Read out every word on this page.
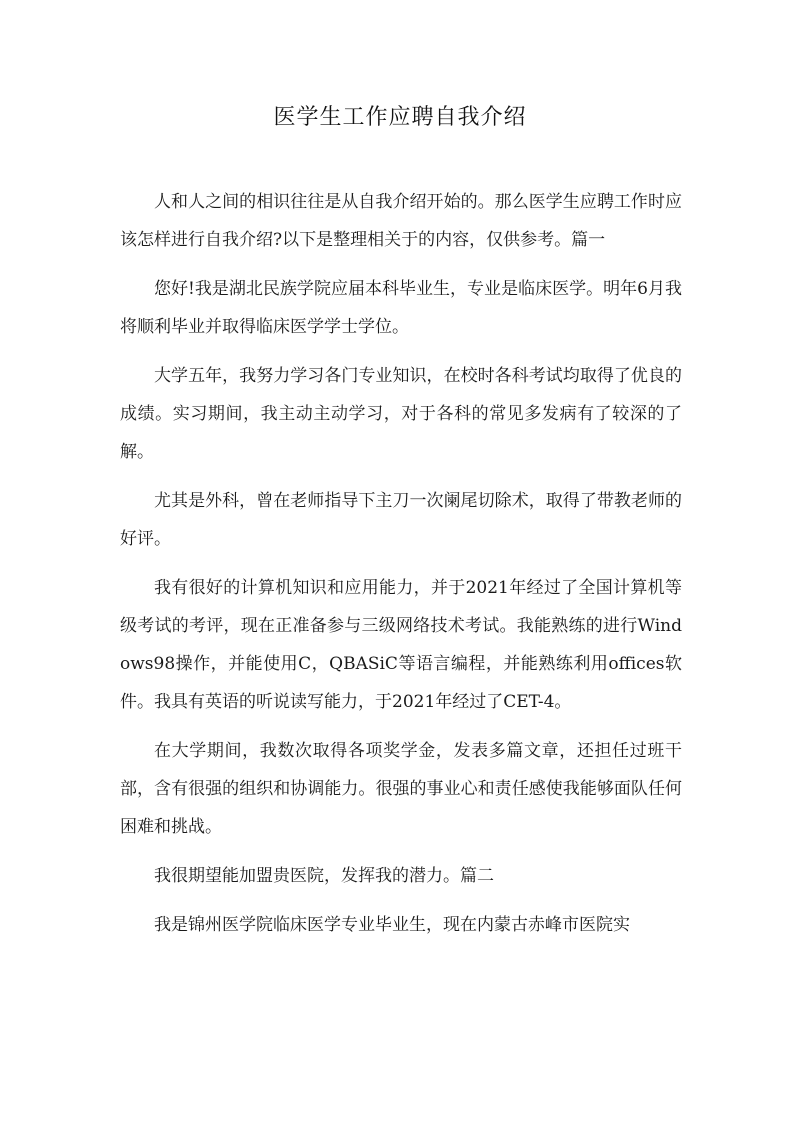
医学生工作应聘自我介绍

人和人之间的相识往往是从自我介绍开始的。那么医学生应聘工作时应该怎样进行自我介绍?以下是整理相关于的内容，仅供参考。篇一

您好!我是湖北民族学院应届本科毕业生，专业是临床医学。明年6月我将顺利毕业并取得临床医学学士学位。

大学五年，我努力学习各门专业知识，在校时各科考试均取得了优良的成绩。实习期间，我主动主动学习，对于各科的常见多发病有了较深的了解。

尤其是外科，曾在老师指导下主刀一次阑尾切除术，取得了带教老师的好评。

我有很好的计算机知识和应用能力，并于2021年经过了全国计算机等级考试的考评，现在正准备参与三级网络技术考试。我能熟练的进行Windows98操作，并能使用C，QBASiC等语言编程，并能熟练利用offices软件。我具有英语的听说读写能力，于2021年经过了CET-4。

在大学期间，我数次取得各项奖学金，发表多篇文章，还担任过班干部，含有很强的组织和协调能力。很强的事业心和责任感使我能够面队任何困难和挑战。

我很期望能加盟贵医院，发挥我的潜力。篇二

我是锦州医学院临床医学专业毕业生，现在内蒙古赤峰市医院实
